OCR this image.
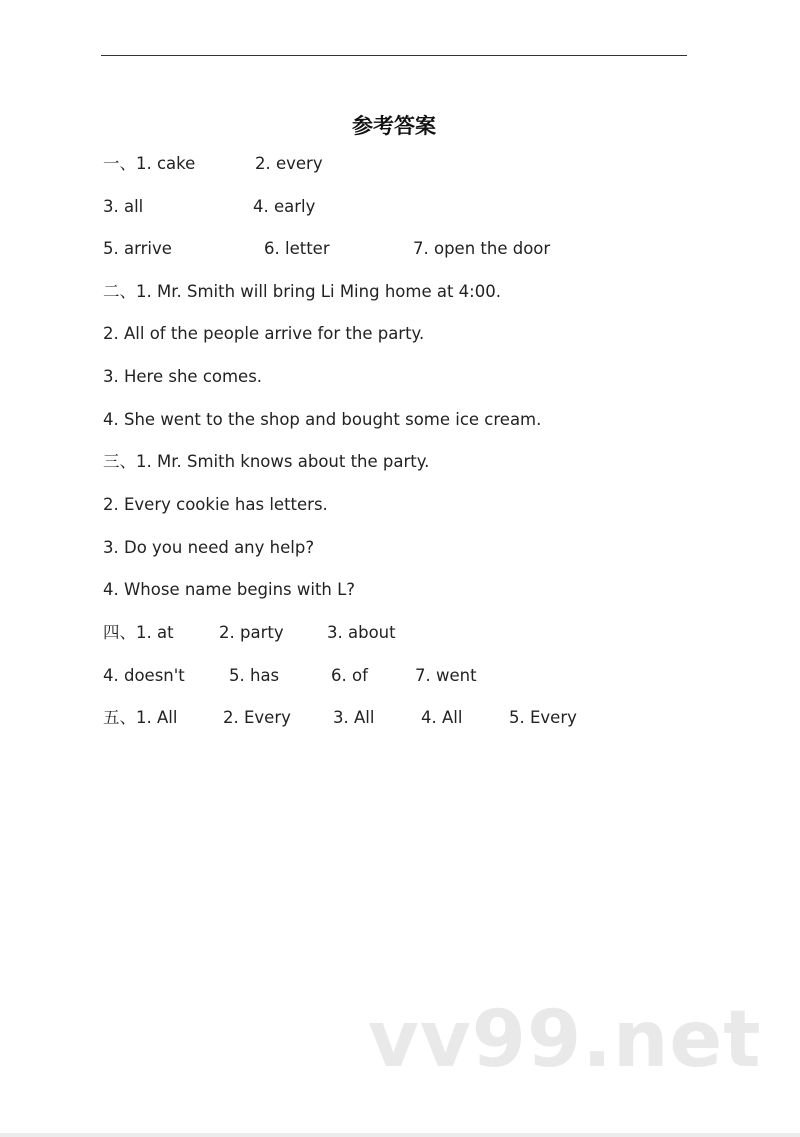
参考答案
一、1. cake	2. every
3. all	4. early
5. arrive	6. letter	7. open the door
二、1. Mr. Smith will bring Li Ming home at 4:00.
2. All of the people arrive for the party.
3. Here she comes.
4. She went to the shop and bought some ice cream.
三、1. Mr. Smith knows about the party.
2. Every cookie has letters.
3. Do you need any help?
4. Whose name begins with L?
四、1. at	2. party	3. about
4. doesn't	5. has	6. of	7. went
五、1. All	2. Every	3. All	4. All	5. Every
vv99.net
